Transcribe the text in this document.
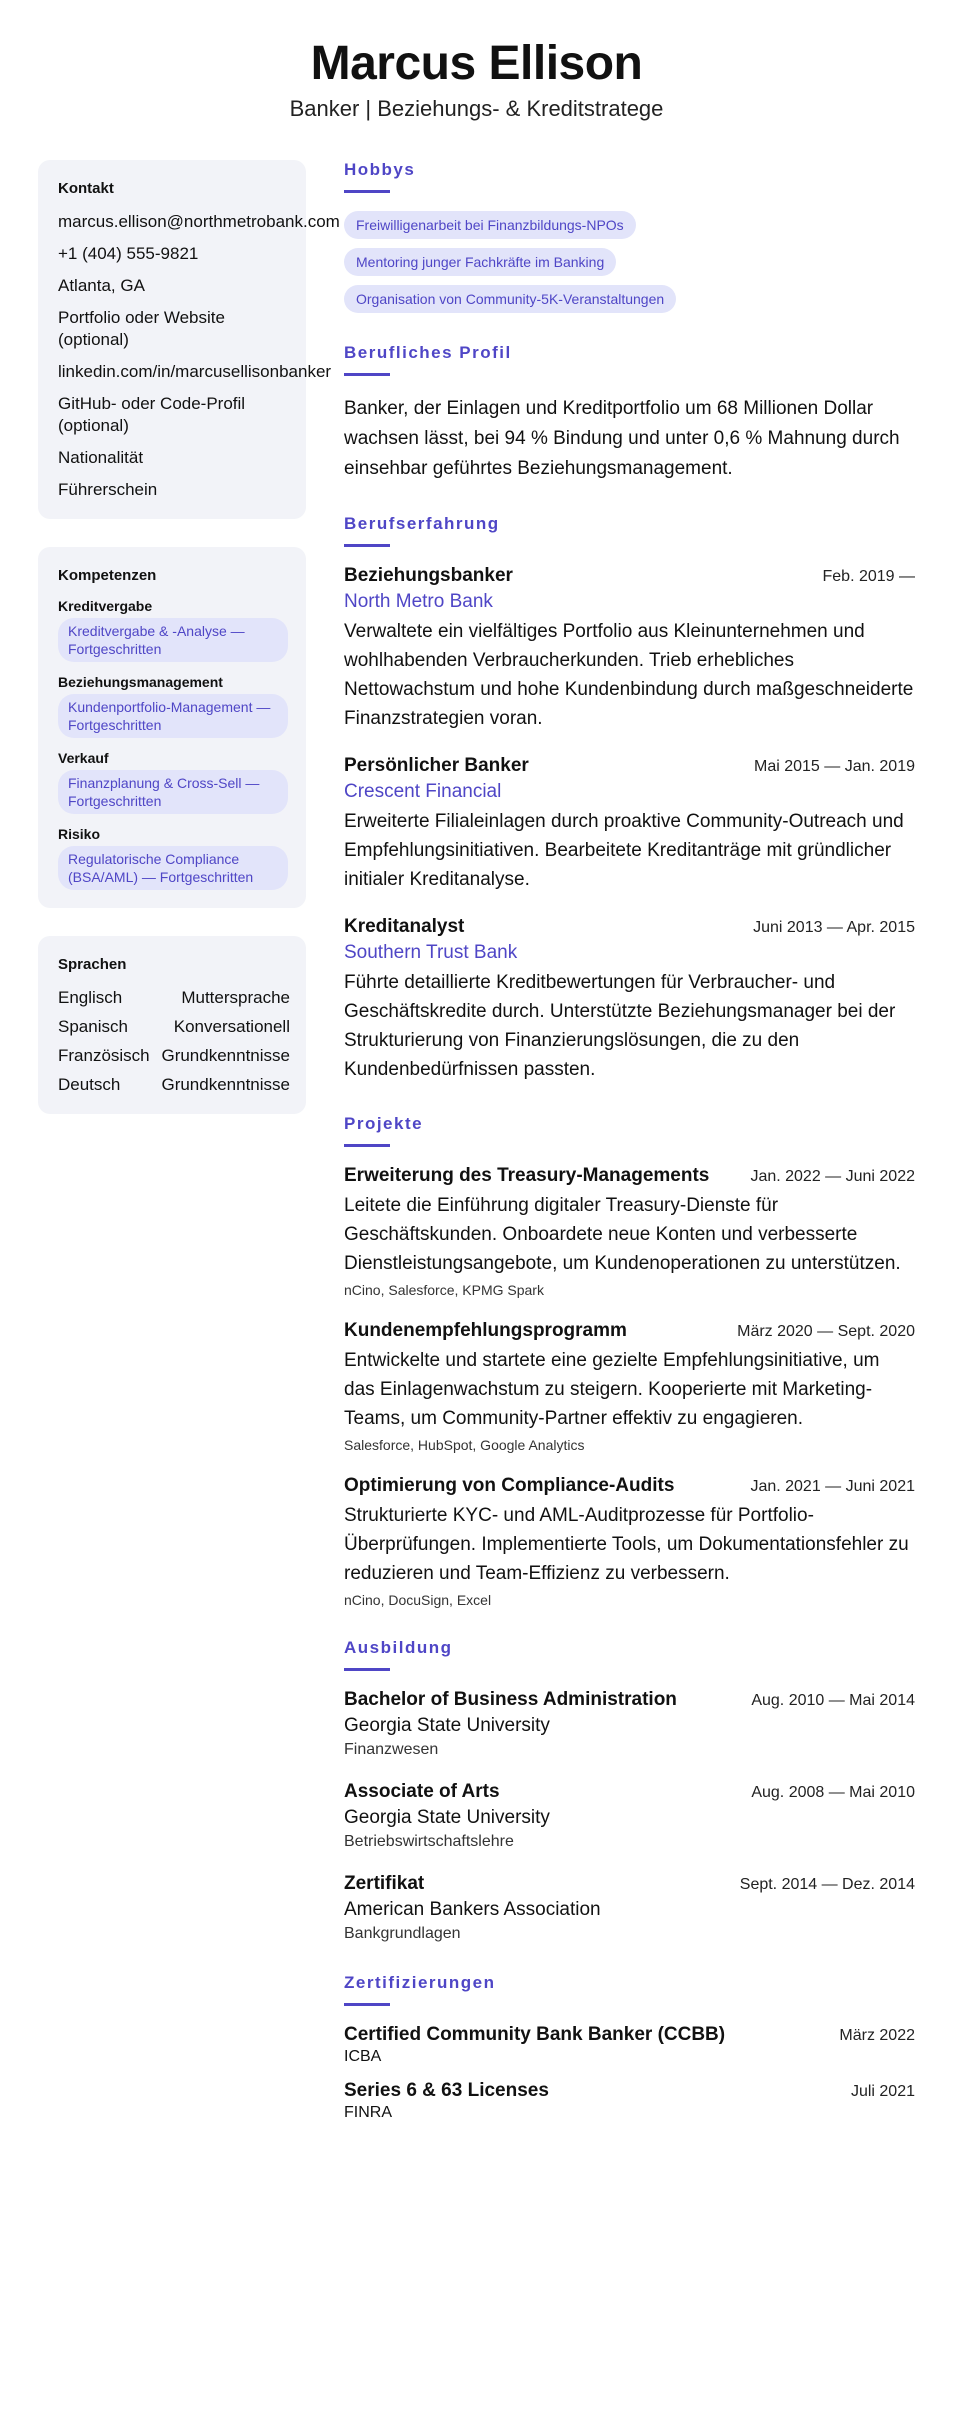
Marcus Ellison
Banker | Beziehungs- & Kreditstratege
Kontakt
marcus.ellison@northmetrobank.com
+1 (404) 555-9821
Atlanta, GA
Portfolio oder Website (optional)
linkedin.com/in/marcusellisonbanker
GitHub- oder Code-Profil (optional)
Nationalität
Führerschein
Kompetenzen
Kreditvergabe
Kreditvergabe & -Analyse — Fortgeschritten
Beziehungsmanagement
Kundenportfolio-Management — Fortgeschritten
Verkauf
Finanzplanung & Cross-Sell — Fortgeschritten
Risiko
Regulatorische Compliance (BSA/AML) — Fortgeschritten
Sprachen
Englisch	Muttersprache
Spanisch	Konversationell
Französisch Grundkenntnisse
Deutsch Grundkenntnisse
Hobbys
Freiwilligenarbeit bei Finanzbildungs-NPOs
Mentoring junger Fachkräfte im Banking
Organisation von Community-5K-Veranstaltungen
Berufliches Profil
Banker, der Einlagen und Kreditportfolio um 68 Millionen Dollar wachsen lässt, bei 94 % Bindung und unter 0,6 % Mahnung durch einsehbar geführtes Beziehungsmanagement.
Berufserfahrung
Beziehungsbanker	Feb. 2019 —
North Metro Bank
Verwaltete ein vielfältiges Portfolio aus Kleinunternehmen und wohlhabenden Verbraucherkunden. Trieb erhebliches Nettowachstum und hohe Kundenbindung durch maßgeschneiderte Finanzstrategien voran.
Persönlicher Banker	Mai 2015 — Jan. 2019
Crescent Financial
Erweiterte Filialeinlagen durch proaktive Community-Outreach und Empfehlungsinitiativen. Bearbeitete Kreditanträge mit gründlicher initialer Kreditanalyse.
Kreditanalyst	Juni 2013 — Apr. 2015
Southern Trust Bank
Führte detaillierte Kreditbewertungen für Verbraucher- und Geschäftskredite durch. Unterstützte Beziehungsmanager bei der Strukturierung von Finanzierungslösungen, die zu den Kundenbedürfnissen passten.
Projekte
Erweiterung des Treasury-Managements	Jan. 2022 — Juni 2022
Leitete die Einführung digitaler Treasury-Dienste für Geschäftskunden. Onboardete neue Konten und verbesserte Dienstleistungsangebote, um Kundenoperationen zu unterstützen.
nCino, Salesforce, KPMG Spark
Kundenempfehlungsprogramm	März 2020 — Sept. 2020
Entwickelte und startete eine gezielte Empfehlungsinitiative, um das Einlagenwachstum zu steigern. Kooperierte mit Marketing-Teams, um Community-Partner effektiv zu engagieren.
Salesforce, HubSpot, Google Analytics
Optimierung von Compliance-Audits	Jan. 2021 — Juni 2021
Strukturierte KYC- und AML-Auditprozesse für Portfolio-Überprüfungen. Implementierte Tools, um Dokumentationsfehler zu reduzieren und Team-Effizienz zu verbessern.
nCino, DocuSign, Excel
Ausbildung
Bachelor of Business Administration	Aug. 2010 — Mai 2014
Georgia State University
Finanzwesen
Associate of Arts	Aug. 2008 — Mai 2010
Georgia State University
Betriebswirtschaftslehre
Zertifikat	Sept. 2014 — Dez. 2014
American Bankers Association
Bankgrundlagen
Zertifizierungen
Certified Community Bank Banker (CCBB)	März 2022
ICBA
Series 6 & 63 Licenses	Juli 2021
FINRA
